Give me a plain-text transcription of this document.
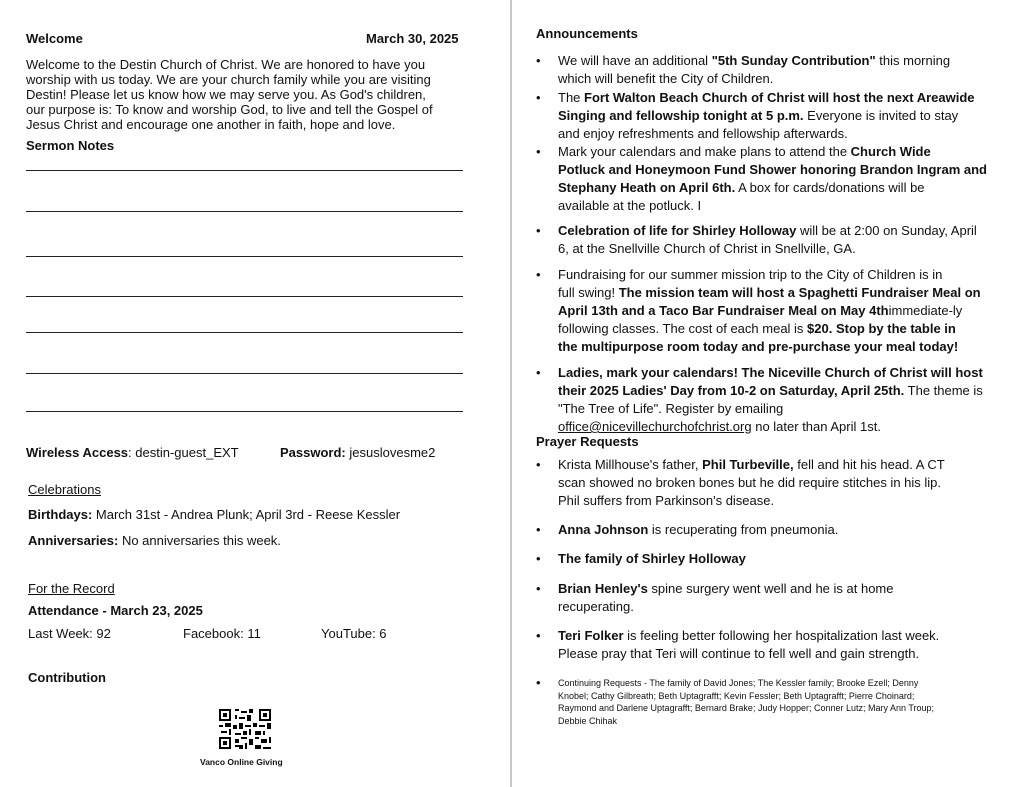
Welcome	March 30, 2025
Welcome to the Destin Church of Christ. We are honored to have you
worship with us today. We are your church family while you are visiting
Destin! Please let us know how we may serve you. As God's children,
our purpose is: To know and worship God, to live and tell the Gospel of
Jesus Christ and encourage one another in faith, hope and love.
Sermon Notes
Wireless Access: destin-guest_EXT	Password: jesuslovesme2
Celebrations
Birthdays: March 31st - Andrea Plunk; April 3rd - Reese Kessler
Anniversaries: No anniversaries this week.
For the Record
Attendance - March 23, 2025
Last Week: 92	Facebook: 11	YouTube: 6
Contribution
Vanco Online Giving
Announcements
• We will have an additional "5th Sunday Contribution" this morning
which will benefit the City of Children.
• The Fort Walton Beach Church of Christ will host the next Areawide
Singing and fellowship tonight at 5 p.m. Everyone is invited to stay
and enjoy refreshments and fellowship afterwards.
• Mark your calendars and make plans to attend the Church Wide
Potluck and Honeymoon Fund Shower honoring Brandon Ingram and
Stephany Heath on April 6th. A box for cards/donations will be
available at the potluck. I
• Celebration of life for Shirley Holloway will be at 2:00 on Sunday, April
6, at the Snellville Church of Christ in Snellville, GA.
• Fundraising for our summer mission trip to the City of Children is in
full swing! The mission team will host a Spaghetti Fundraiser Meal on
April 13th and a Taco Bar Fundraiser Meal on May 4thimmediate-ly
following classes. The cost of each meal is $20. Stop by the table in
the multipurpose room today and pre-purchase your meal today!
• Ladies, mark your calendars! The Niceville Church of Christ will host
their 2025 Ladies' Day from 10-2 on Saturday, April 25th. The theme is
"The Tree of Life". Register by emailing
office@nicevillechurchofchrist.org no later than April 1st.
Prayer Requests
• Krista Millhouse's father, Phil Turbeville, fell and hit his head. A CT
scan showed no broken bones but he did require stitches in his lip.
Phil suffers from Parkinson's disease.
• Anna Johnson is recuperating from pneumonia.
• The family of Shirley Holloway
• Brian Henley's spine surgery went well and he is at home
recuperating.
• Teri Folker is feeling better following her hospitalization last week.
Please pray that Teri will continue to fell well and gain strength.
• Continuing Requests - The family of David Jones; The Kessler family; Brooke Ezell; Denny
Knobel; Cathy Gilbreath; Beth Uptagrafft; Kevin Fessler; Beth Uptagrafft; Pierre Choinard;
Raymond and Darlene Uptagrafft; Bernard Brake; Judy Hopper; Conner Lutz; Mary Ann Troup;
Debbie Chihak
